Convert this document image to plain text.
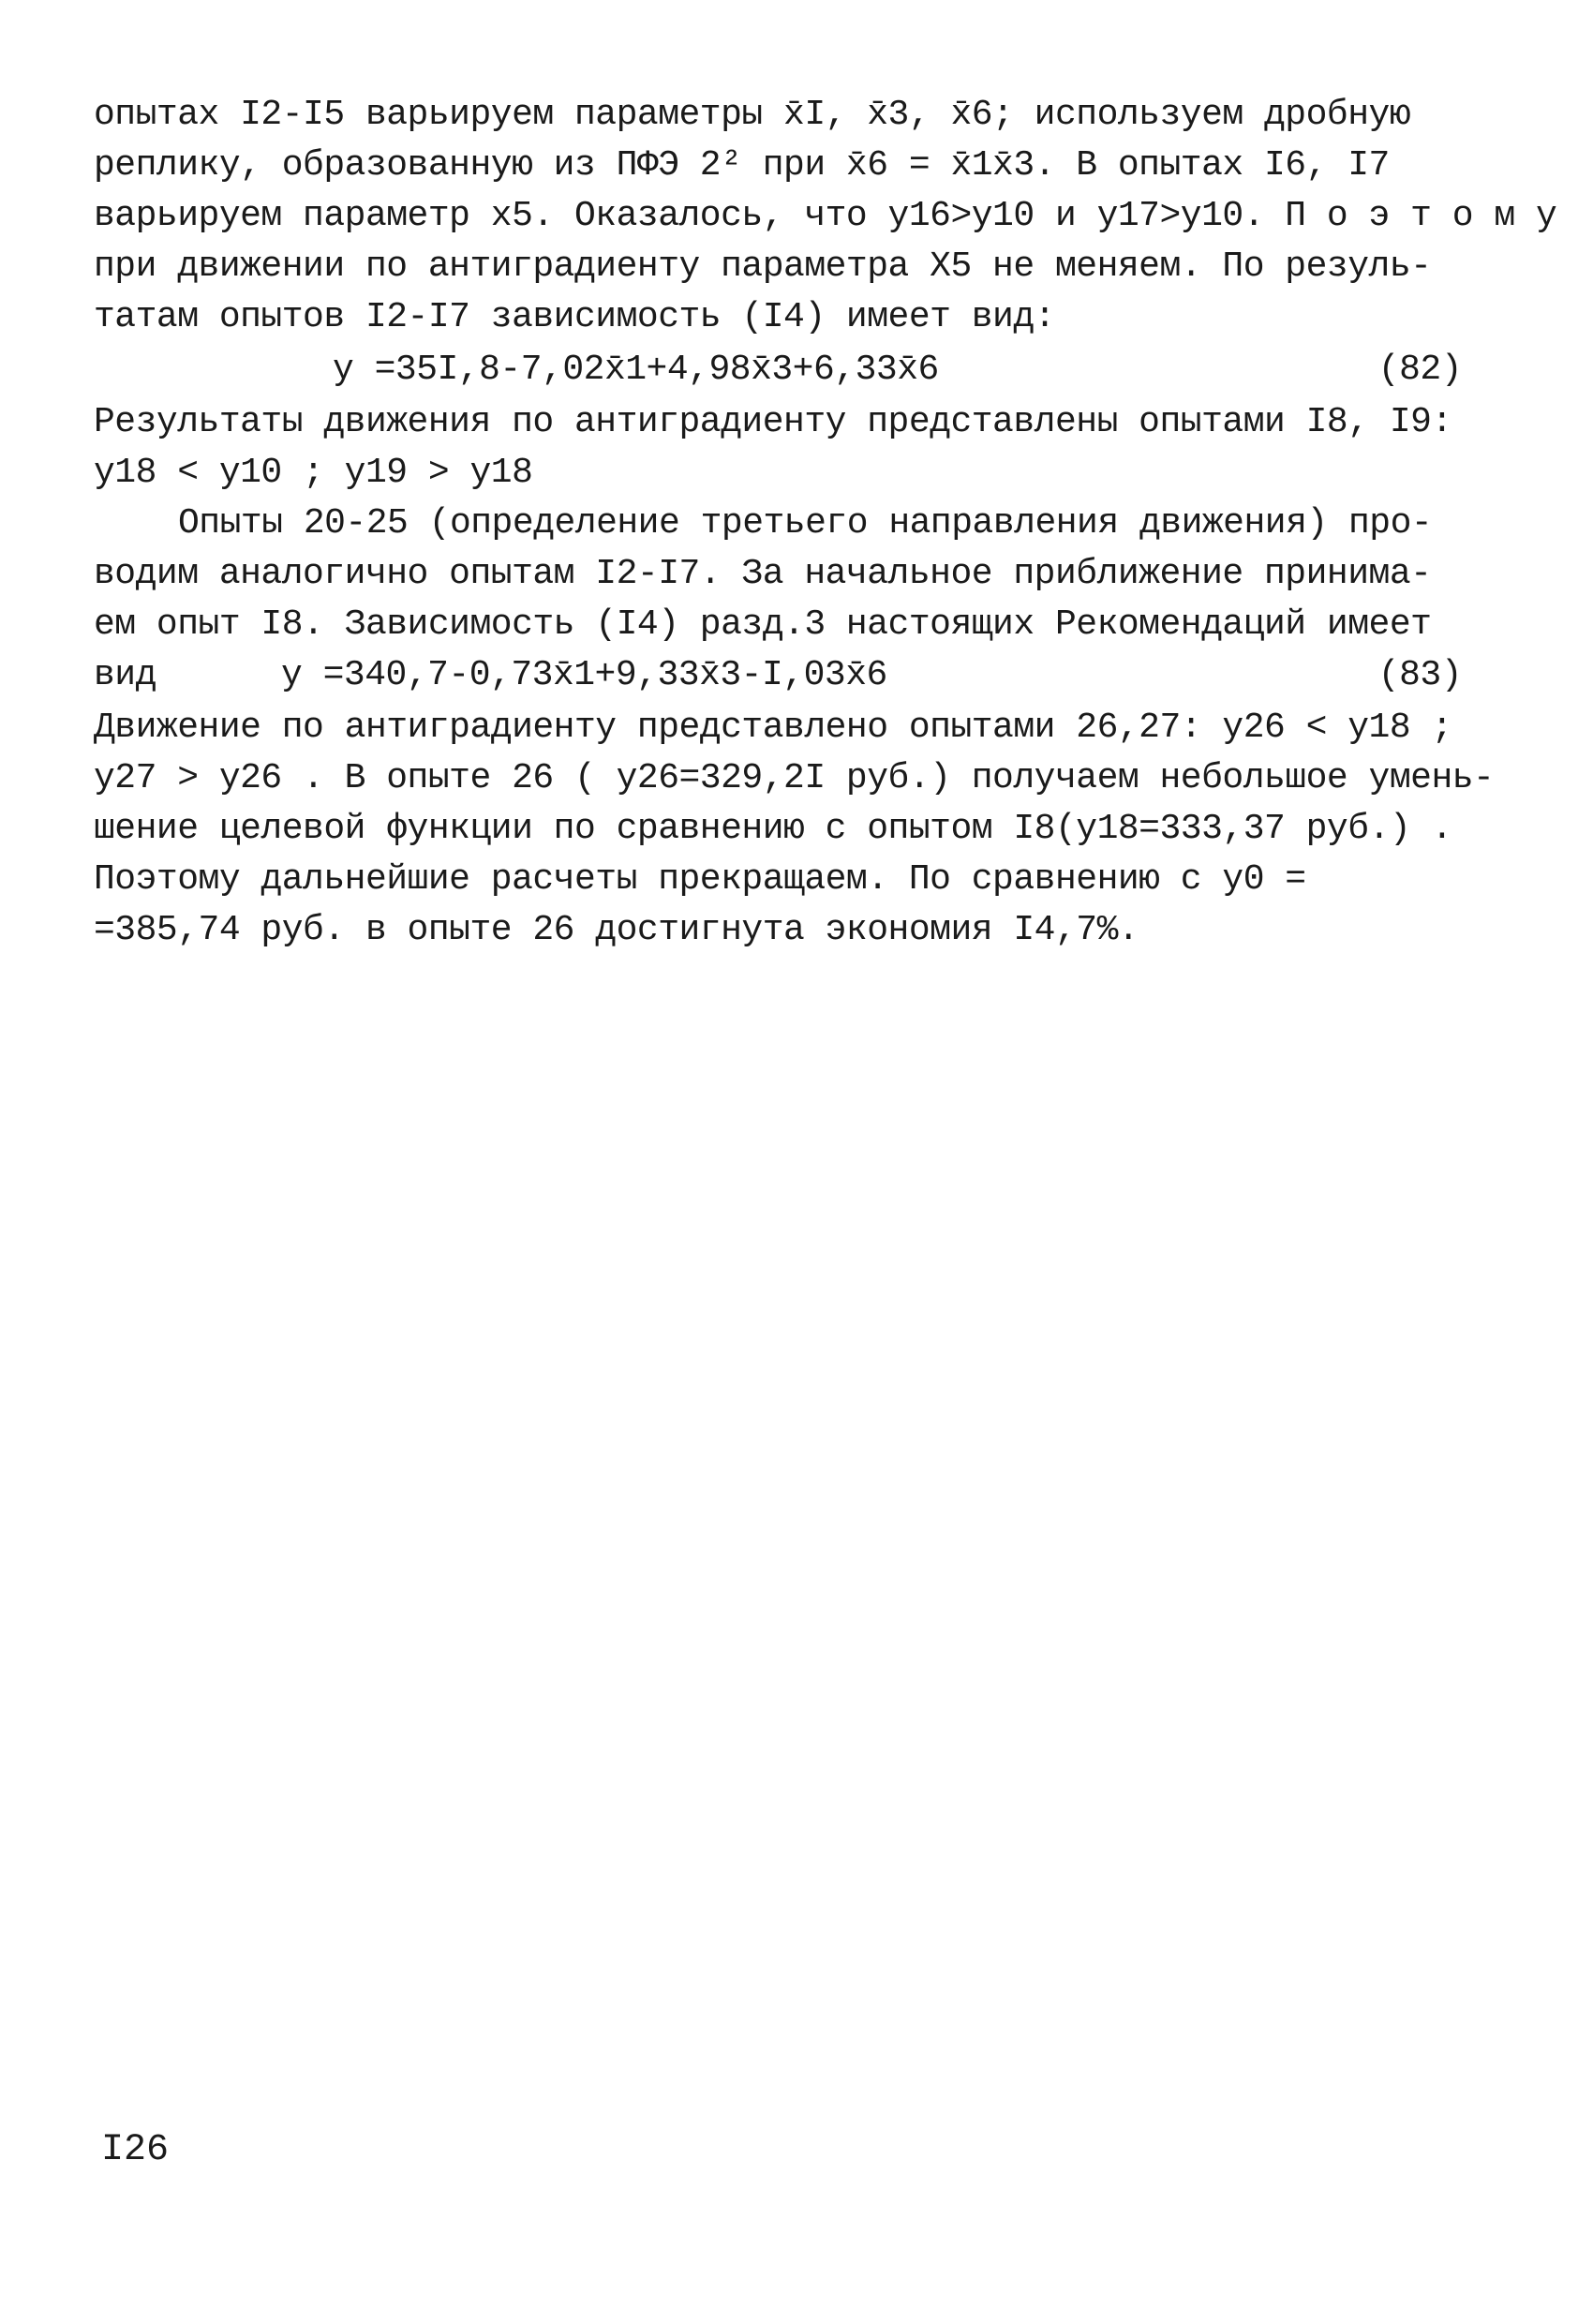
опытах I2-I5 варьируем параметры x̄I, x̄3, x̄6; используем дробную
реплику, образованную из ПФЭ 2² при x̄6 = x̄1x̄3. В опытах I6, I7
варьируем параметр x5. Оказалось, что y16>y10 и y17>y10. П о э т о м у
при движении по антиградиенту параметра X5 не меняем. По резуль-
татам опытов I2-I7 зависимость (I4) имеет вид:
y =35I,8-7,02x̄1+4,98x̄3+6,33x̄6	(82)
Результаты движения по антиградиенту представлены опытами I8, I9:
y18 < y10 ; y19 > y18
Опыты 20-25 (определение третьего направления движения) про-
водим аналогично опытам I2-I7. За начальное приближение принима-
ем опыт I8. Зависимость (I4) разд.3 настоящих Рекомендаций имеет
вид	y =340,7-0,73x̄1+9,33x̄3-I,03x̄6	(83)
Движение по антиградиенту представлено опытами 26,27: y26 < y18 ;
y27 > y26 . В опыте 26 ( y26=329,2I руб.) получаем небольшое умень-
шение целевой функции по сравнению с опытом I8(y18=333,37 руб.) .
Поэтому дальнейшие расчеты прекращаем. По сравнению с y0 =
=385,74 руб. в опыте 26 достигнута экономия I4,7%.
I26
